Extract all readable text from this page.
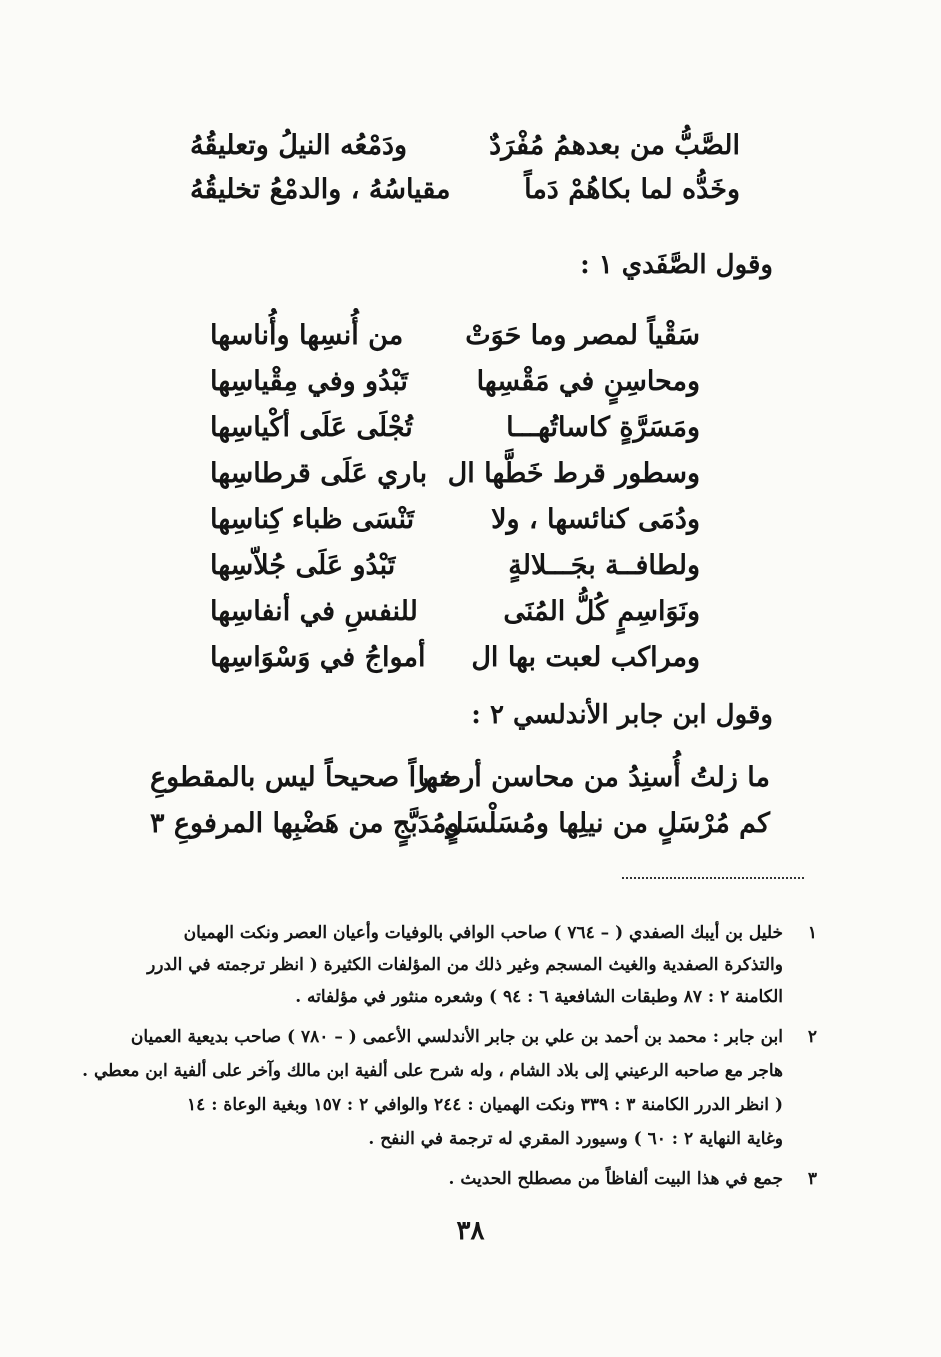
الصَّبُّ من بعدهمُ مُفْرَدٌ
ودَمْعُه النيلُ وتعليقُهُ
وخَدُّه لما بكاهُمْ دَماً
مقياسُهُ ، والدمْعُ تخليقُهُ
وقول الصَّفَدي ١ :
سَقْياً لمصر وما حَوَتْ
من أُنسِها وأُناسها
ومحاسِنٍ في مَقْسِها
تَبْدُو وفي مِقْياسِها
ومَسَرَّةٍ كاساتُهـــا
تُجْلَى عَلَى أكْياسِها
وسطور قرط خَطَّها ال
باري عَلَى قرطاسِها
ودُمَى كنائسها ، ولا
تَنْسَى ظباء كِناسِها
ولطافــة بجَـــلالةٍ
تَبْدُو عَلَى جُلاّسِها
ونَوَاسِمٍ كُلُّ المُنَى
للنفسِ في أنفاسِها
ومراكب لعبت بها ال
أمواجُ في وَسْوَاسِها
وقول ابن جابر الأندلسي ٢ :
ما زلتُ أُسنِدُ من محاسن أرضها
خبراً صحيحاً ليس بالمقطوعِ
كم مُرْسَلٍ من نيلِها ومُسَلْسَلٍ
ومُدَبَّجٍ من هَضْبِها المرفوعِ ٣
١
خليل بن أيبك الصفدي ( – ٧٦٤ ) صاحب الوافي بالوفيات وأعيان العصر ونكت الهميان
والتذكرة الصفدية والغيث المسجم وغير ذلك من المؤلفات الكثيرة ( انظر ترجمته في الدرر
الكامنة ٢ : ٨٧ وطبقات الشافعية ٦ : ٩٤ ) وشعره منثور في مؤلفاته .
٢
ابن جابر : محمد بن أحمد بن علي بن جابر الأندلسي الأعمى ( – ٧٨٠ ) صاحب بديعية العميان
هاجر مع صاحبه الرعيني إلى بلاد الشام ، وله شرح على ألفية ابن مالك وآخر على ألفية ابن معطي .
( انظر الدرر الكامنة ٣ : ٣٣٩ ونكت الهميان : ٢٤٤ والوافي ٢ : ١٥٧ وبغية الوعاة : ١٤
وغاية النهاية ٢ : ٦٠ ) وسيورد المقري له ترجمة في النفح .
٣
جمع في هذا البيت ألفاظاً من مصطلح الحديث .
٣٨
